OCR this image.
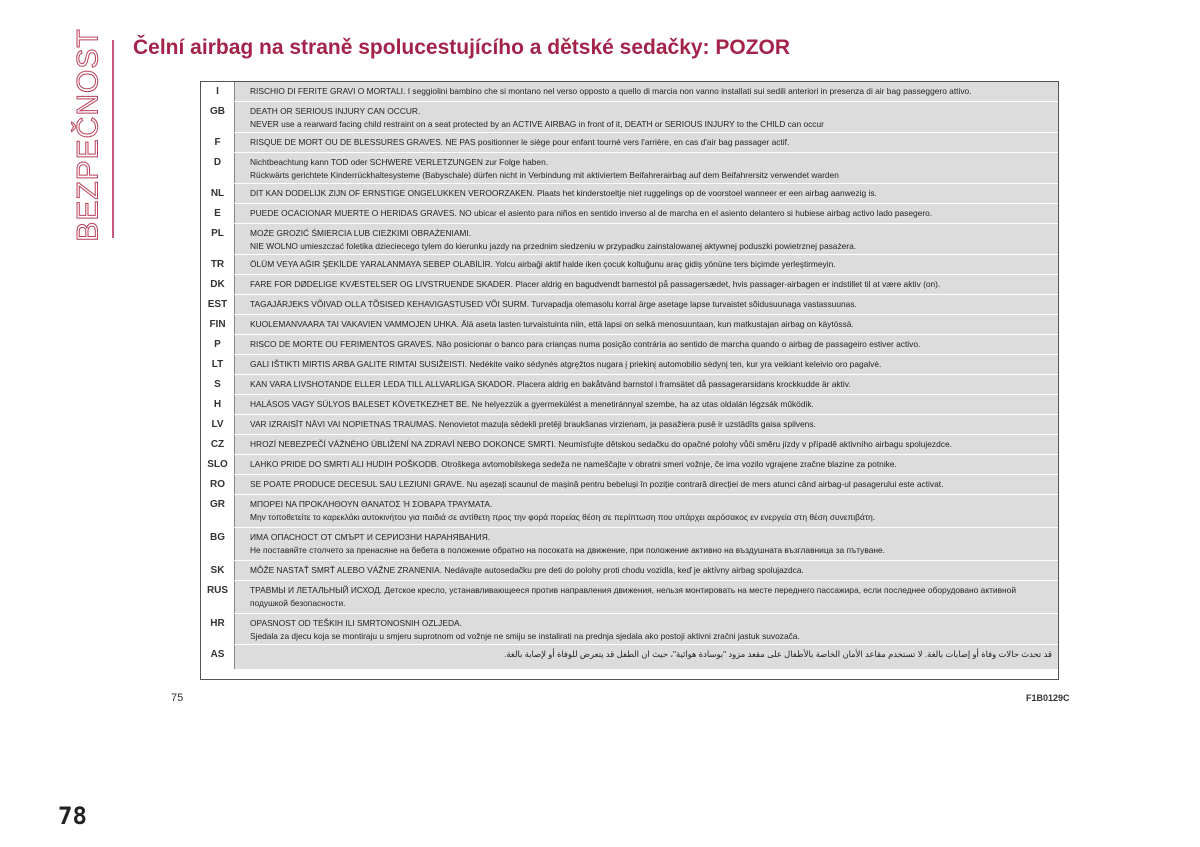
BEZPEČNOST Čelní airbag na straně spolucestujícího a dětské sedačky: POZOR
I	RISCHIO DI FERITE GRAVI O MORTALI. I seggiolini bambino che si montano nel verso opposto a quello di marcia non vanno installati sui sedili anteriori in presenza di air bag passeggero attivo.
GB	DEATH OR SERIOUS INJURY CAN OCCUR.
NEVER use a rearward facing child restraint on a seat protected by an ACTIVE AIRBAG in front of it, DEATH or SERIOUS INJURY to the CHILD can occur
F	RISQUE DE MORT OU DE BLESSURES GRAVES. NE PAS positionner le siège pour enfant tourné vers l'arrière, en cas d'air bag passager actif.
D	Nichtbeachtung kann TOD oder SCHWERE VERLETZUNGEN zur Folge haben.
Rückwärts gerichtete Kinderrückhaltesysteme (Babyschale) dürfen nicht in Verbindung mit aktiviertem Beifahrerairbag auf dem Beifahrersitz verwendet warden
NL	DIT KAN DODELIJK ZIJN OF ERNSTIGE ONGELUKKEN VEROORZAKEN. Plaats het kinderstoeltje niet ruggelings op de voorstoel wanneer er een airbag aanwezig is.
E	PUEDE OCACIONAR MUERTE O HERIDAS GRAVES. NO ubicar el asiento para niños en sentido inverso al de marcha en el asiento delantero si hubiese airbag activo lado pasegero.
PL	MOŻE GROZIĆ ŚMIERCIA LUB CIEŻKIMI OBRAŻENIAMI.
NIE WOLNO umieszczać foletika dzieciecego tylem do kierunku jazdy na przednim siedzeniu w przypadku zainstalowanej aktywnej poduszki powietrznej pasażera.
TR	ÖLÜM VEYA AĞIR ŞEKİLDE YARALANMAYA SEBEP OLABİLİR. Yolcu airbaği aktif halde iken çocuk koltuğunu araç gidiş yönüne ters biçimde yerleştirmeyin.
DK	FARE FOR DØDELIGE KVÆSTELSER OG LIVSTRUENDE SKADER. Placer aldrig en bagudvendt barnestol på passagersædet, hvis passager-airbagen er indstillet til at være aktiv (on).
EST	TAGAJÄRJEKS VÕIVAD OLLA TÕSISED KEHAVIGASTUSED VÕI SURM. Turvapadja olemasolu korral ärge asetage lapse turvaistet sõidusuunaga vastassuunas.
FIN	KUOLEMANVAARA TAI VAKAVIEN VAMMOJEN UHKA. Älä aseta lasten turvaistuinta niin, että lapsi on selkä menosuuntaan, kun matkustajan airbag on käytössä.
P	RISCO DE MORTE OU FERIMENTOS GRAVES. Não posicionar o banco para crianças numa posição contrária ao sentido de marcha quando o airbag de passageiro estiver activo.
LT	GALI IŠTIKTI MIRTIS ARBA GALITE RIMTAI SUSIŽEISTI. Nedėkite vaiko sėdynės atgręžtos nugara į priekinį automobilio sėdynį ten, kur yra veikiant keleivio oro pagalvė.
S	KAN VARA LIVSHOTANDE ELLER LEDA TILL ALLVARLIGA SKADOR. Placera aldrig en bakåtvänd barnstol i framsätet då passagerarsidans krockkudde är aktiv.
H	HALÁSOS VAGY SÚLYOS BALESET KÖVETKEZHET BE. Ne helyezzük a gyermekülést a menetiránnyal szembe, ha az utas oldalán légzsák működik.
LV	VAR IZRAISĪT NĀVI VAI NOPIETNAS TRAUMAS. Nenovietot mazuļa sēdekli pretēji braukšanas virzienam, ja pasažiera pusē ir uzstādīts gaisa spilvens.
CZ	HROZÍ NEBEZPEČÍ VÁŽNÉHO ÚBLIŽENÍ NA ZDRAVÍ NEBO DOKONCE SMRTI. Neumísťujte dětskou sedačku do opačné polohy vůči směru jízdy v případě aktivního airbagu spolujezdce.
SLO	LAHKO PRIDE DO SMRTI ALI HUDIH POŠKODB. Otroškega avtomobilskega sedeža ne nameščajte v obratni smeri vožnje, če ima vozilo vgrajene zračne blazine za potnike.
RO	SE POATE PRODUCE DECESUL SAU LEZIUNI GRAVE. Nu așezați scaunul de mașină pentru bebeluși în poziție contrară direcției de mers atunci când airbag-ul pasagerului este activat.
GR	ΜΠΟΡΕΙ ΝΑ ΠΡΟΚΛΗΘΟΥΝ ΘΑΝΑΤΟΣ Ή ΣΟΒΑΡΑ ΤΡΑΥΜΑΤΑ.
Μην τοποθετείτε το καρεκλάκι αυτοκινήτου για παιδιά σε αντίθετη προς την φορά πορείας θέση σε περίπτωση που υπάρχει αερόσακος εν ενεργεία στη θέση συνεπιβάτη.
BG	ИМА ОПАСНОСТ ОТ СМЪРТ И СЕРИОЗНИ НАРАНЯВАНИЯ.
Не поставяйте столчето за пренасяне на бебета в положение обратно на посоката на движение, при положение активно на въздушната възглавница за пътуване.
SK	MÔŽE NASTAŤ SMRŤ ALEBO VÁŽNE ZRANENIA. Nedávajte autosedačku pre deti do polohy proti chodu vozidla, keď je aktívny airbag spolujazdca.
RUS	ТРАВМЫ И ЛЕТАЛЬНЫЙ ИСХОД. Детское кресло, устанавливающееся против направления движения, нельзя монтировать на месте переднего пассажира, если последнее оборудовано активной подушкой безопасности.
HR	OPASNOST OD TEŠKIH ILI SMRTONOSNIH OZLJEDA.
Sjedala za djecu koja se montiraju u smjeru suprotnom od vožnje ne smiju se instalirati na prednja sjedala ako postoji aktivni zračni jastuk suvozača.
AS	قد تحدث حالات وفاة أو إصابات بالغة. لا تستخدم مقاعد الأمان الخاصة بالأطفال على مقعد مزود "بوسادة هوائية"، حيث ان الطفل قد يتعرض للوفاة أو لإصابة بالغة.
75	F1B0129C
78
